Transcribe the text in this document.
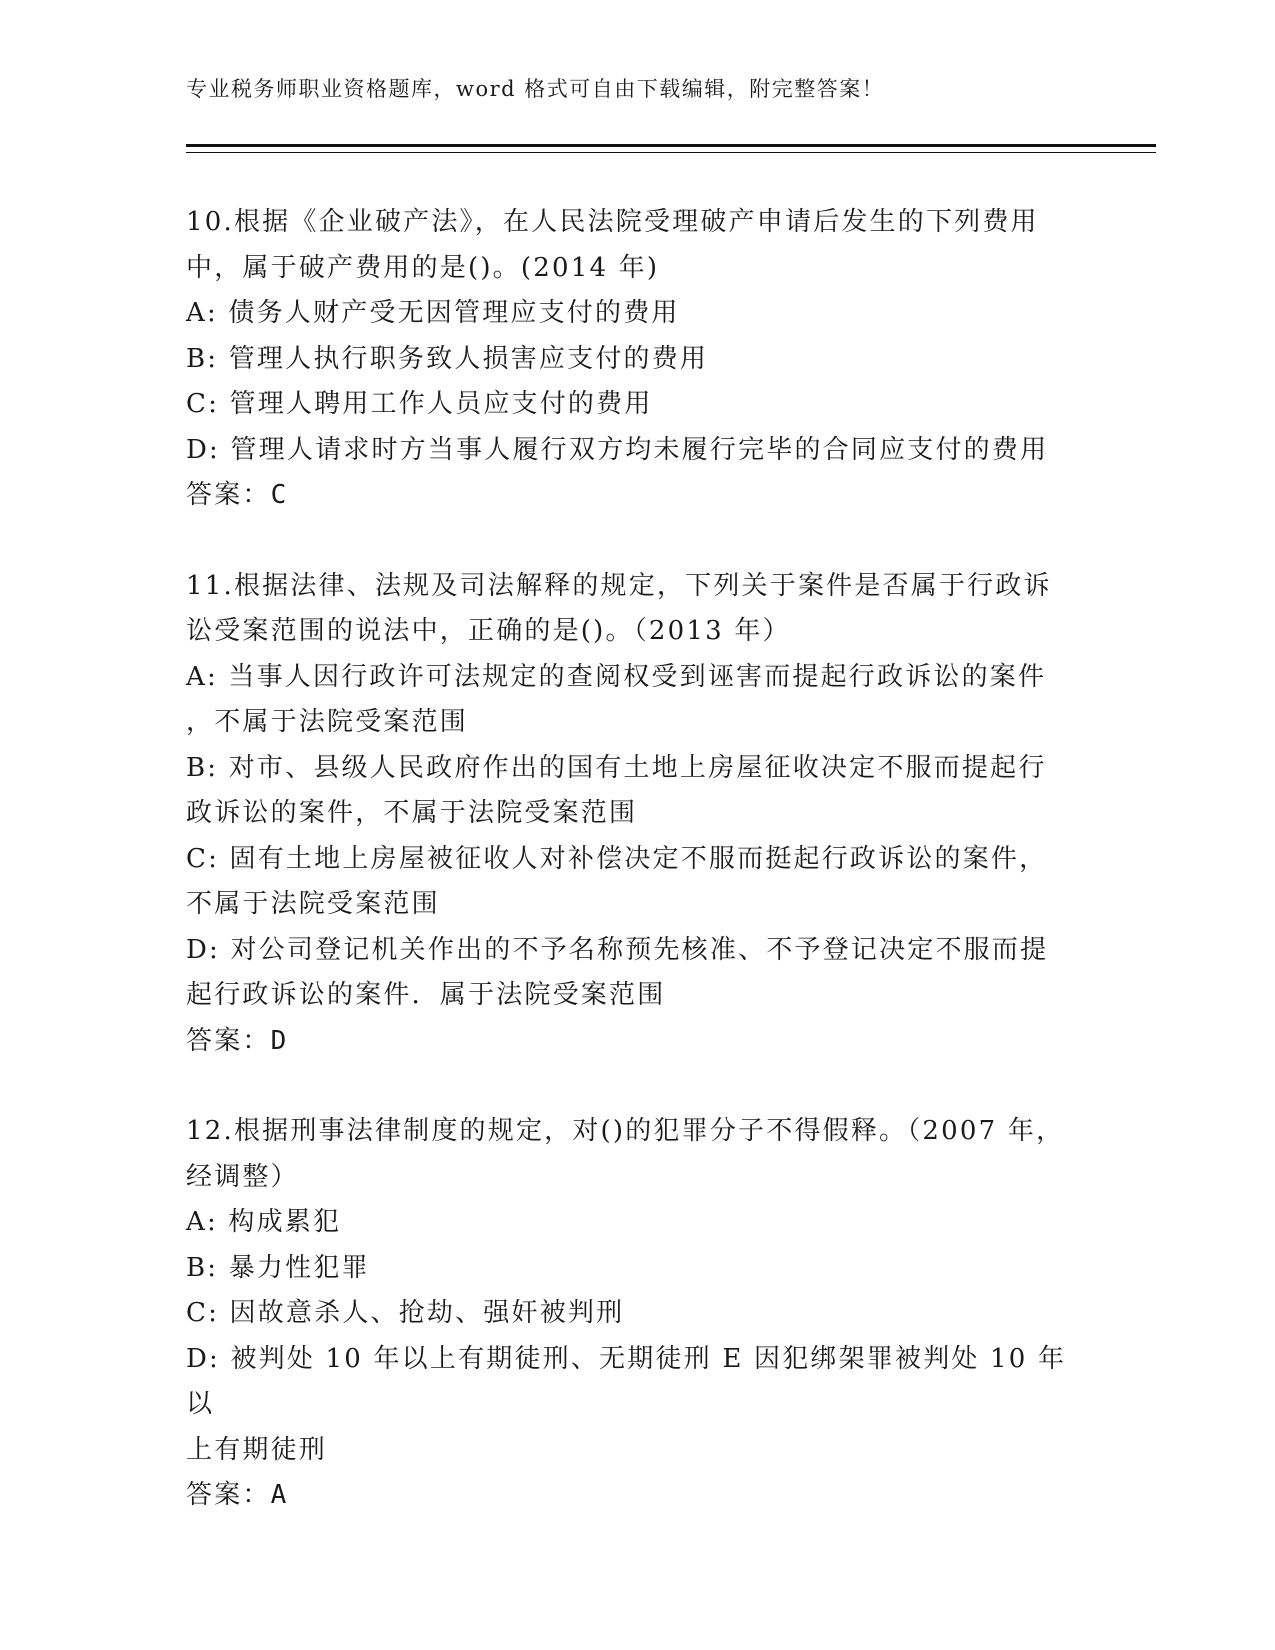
专业税务师职业资格题库，word 格式可自由下载编辑，附完整答案！

10.根据《企业破产法》，在人民法院受理破产申请后发生的下列费用

中，属于破产费用的是()。(2014 年)

A: 债务人财产受无因管理应支付的费用

B: 管理人执行职务致人损害应支付的费用

C: 管理人聘用工作人员应支付的费用

D: 管理人请求时方当事人履行双方均未履行完毕的合同应支付的费用

答案：C

11.根据法律、法规及司法解释的规定，下列关于案件是否属于行政诉

讼受案范围的说法中，正确的是()。（2013 年）

A: 当事人因行政许可法规定的查阅权受到诬害而提起行政诉讼的案件

，不属于法院受案范围

B: 对市、县级人民政府作出的国有土地上房屋征收决定不服而提起行

政诉讼的案件，不属于法院受案范围

C: 固有土地上房屋被征收人对补偿决定不服而挺起行政诉讼的案件，

不属于法院受案范围

D: 对公司登记机关作出的不予名称预先核准、不予登记决定不服而提

起行政诉讼的案件．属于法院受案范围

答案：D

12.根据刑事法律制度的规定，对()的犯罪分子不得假释。（2007 年，

经调整）

A: 构成累犯

B: 暴力性犯罪

C: 因故意杀人、抢劫、强奸被判刑

D: 被判处 10 年以上有期徒刑、无期徒刑 E 因犯绑架罪被判处 10 年以

上有期徒刑

答案：A
